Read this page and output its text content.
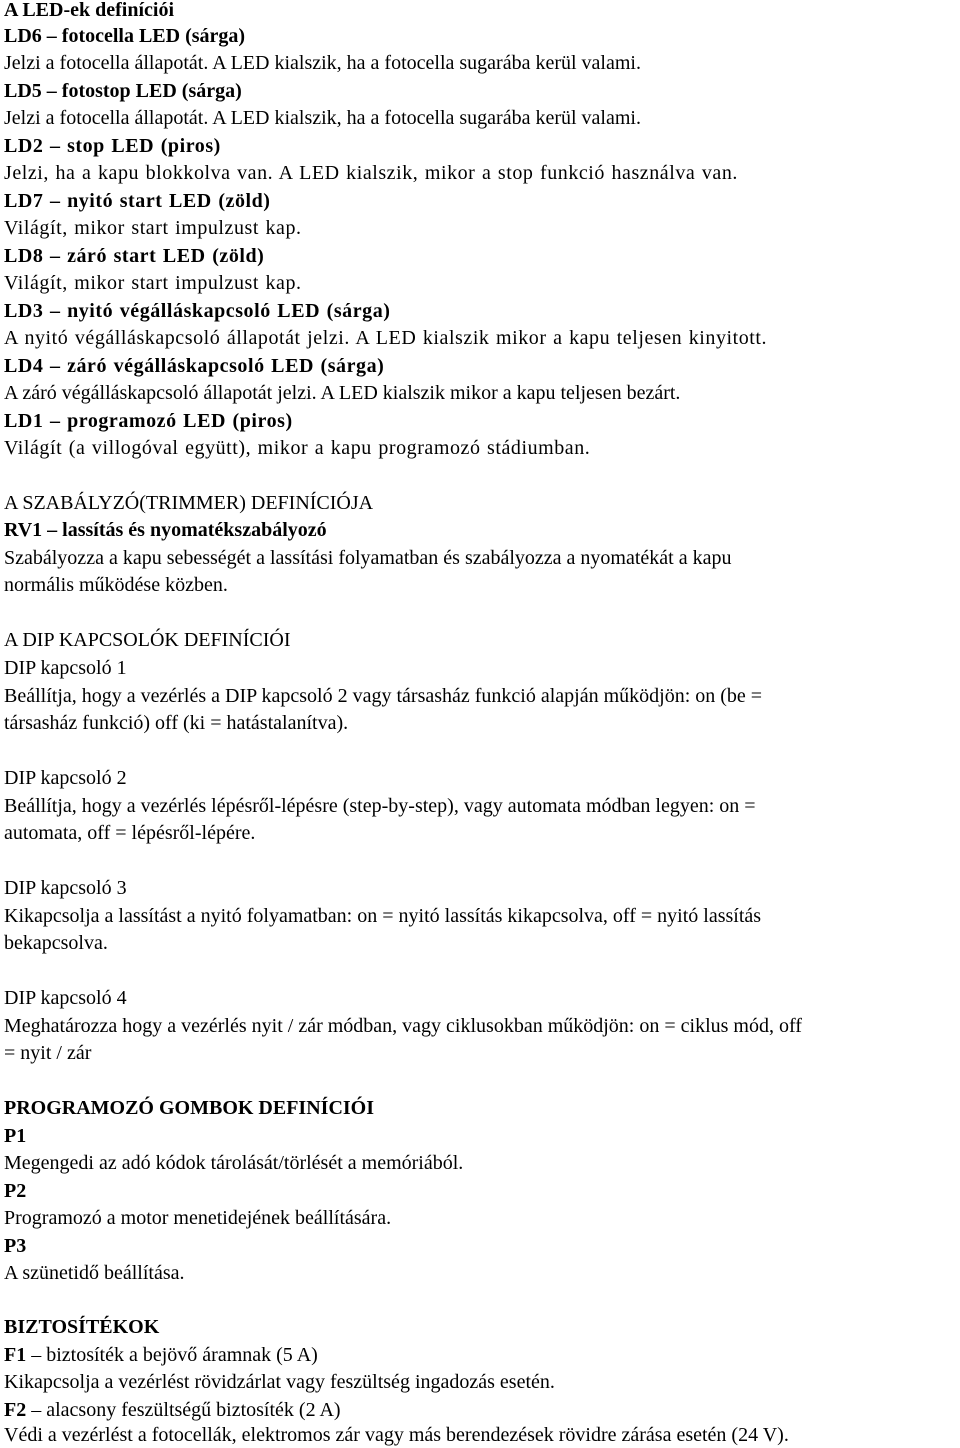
A LED-ek definíciói
LD6 – fotocella LED (sárga)
Jelzi a fotocella állapotát. A LED kialszik, ha a fotocella sugarába kerül valami.
LD5 – fotostop LED (sárga)
Jelzi a fotocella állapotát. A LED kialszik, ha a fotocella sugarába kerül valami.
LD2 – stop LED (piros)
Jelzi, ha a kapu blokkolva van. A LED kialszik, mikor a stop funkció használva van.
LD7 – nyitó start LED (zöld)
Világít, mikor start impulzust kap.
LD8 – záró start LED (zöld)
Világít, mikor start impulzust kap.
LD3 – nyitó végálláskapcsoló LED (sárga)
A nyitó végálláskapcsoló állapotát jelzi. A LED kialszik mikor a kapu teljesen kinyitott.
LD4 – záró végálláskapcsoló LED (sárga)
A záró végálláskapcsoló állapotát jelzi. A LED kialszik mikor a kapu teljesen bezárt.
LD1 – programozó LED (piros)
Világít (a villogóval együtt), mikor a kapu programozó stádiumban.
A SZABÁLYZÓ(TRIMMER) DEFINÍCIÓJA
RV1 – lassítás és nyomatékszabályozó
Szabályozza a kapu sebességét a lassítási folyamatban és szabályozza a nyomatékát a kapu
normális működése közben.
A DIP KAPCSOLÓK DEFINÍCIÓI
DIP kapcsoló 1
Beállítja, hogy a vezérlés a DIP kapcsoló 2 vagy társasház funkció alapján működjön: on (be =
társasház funkció) off (ki = hatástalanítva).
DIP kapcsoló 2
Beállítja, hogy a vezérlés lépésről-lépésre (step-by-step), vagy automata módban legyen: on =
automata, off = lépésről-lépére.
DIP kapcsoló 3
Kikapcsolja a lassítást a nyitó folyamatban: on = nyitó lassítás kikapcsolva, off = nyitó lassítás
bekapcsolva.
DIP kapcsoló 4
Meghatározza hogy a vezérlés nyit / zár módban, vagy ciklusokban működjön: on = ciklus mód, off
= nyit / zár
PROGRAMOZÓ GOMBOK DEFINÍCIÓI
P1
Megengedi az adó kódok tárolását/törlését a memóriából.
P2
Programozó a motor menetidejének beállítására.
P3
A szünetidő beállítása.
BIZTOSÍTÉKOK
F1 – biztosíték a bejövő áramnak (5 A)
Kikapcsolja a vezérlést rövidzárlat vagy feszültség ingadozás esetén.
F2 – alacsony feszültségű biztosíték (2 A)
Védi a vezérlést a fotocellák, elektromos zár vagy más berendezések rövidre zárása esetén (24 V).
